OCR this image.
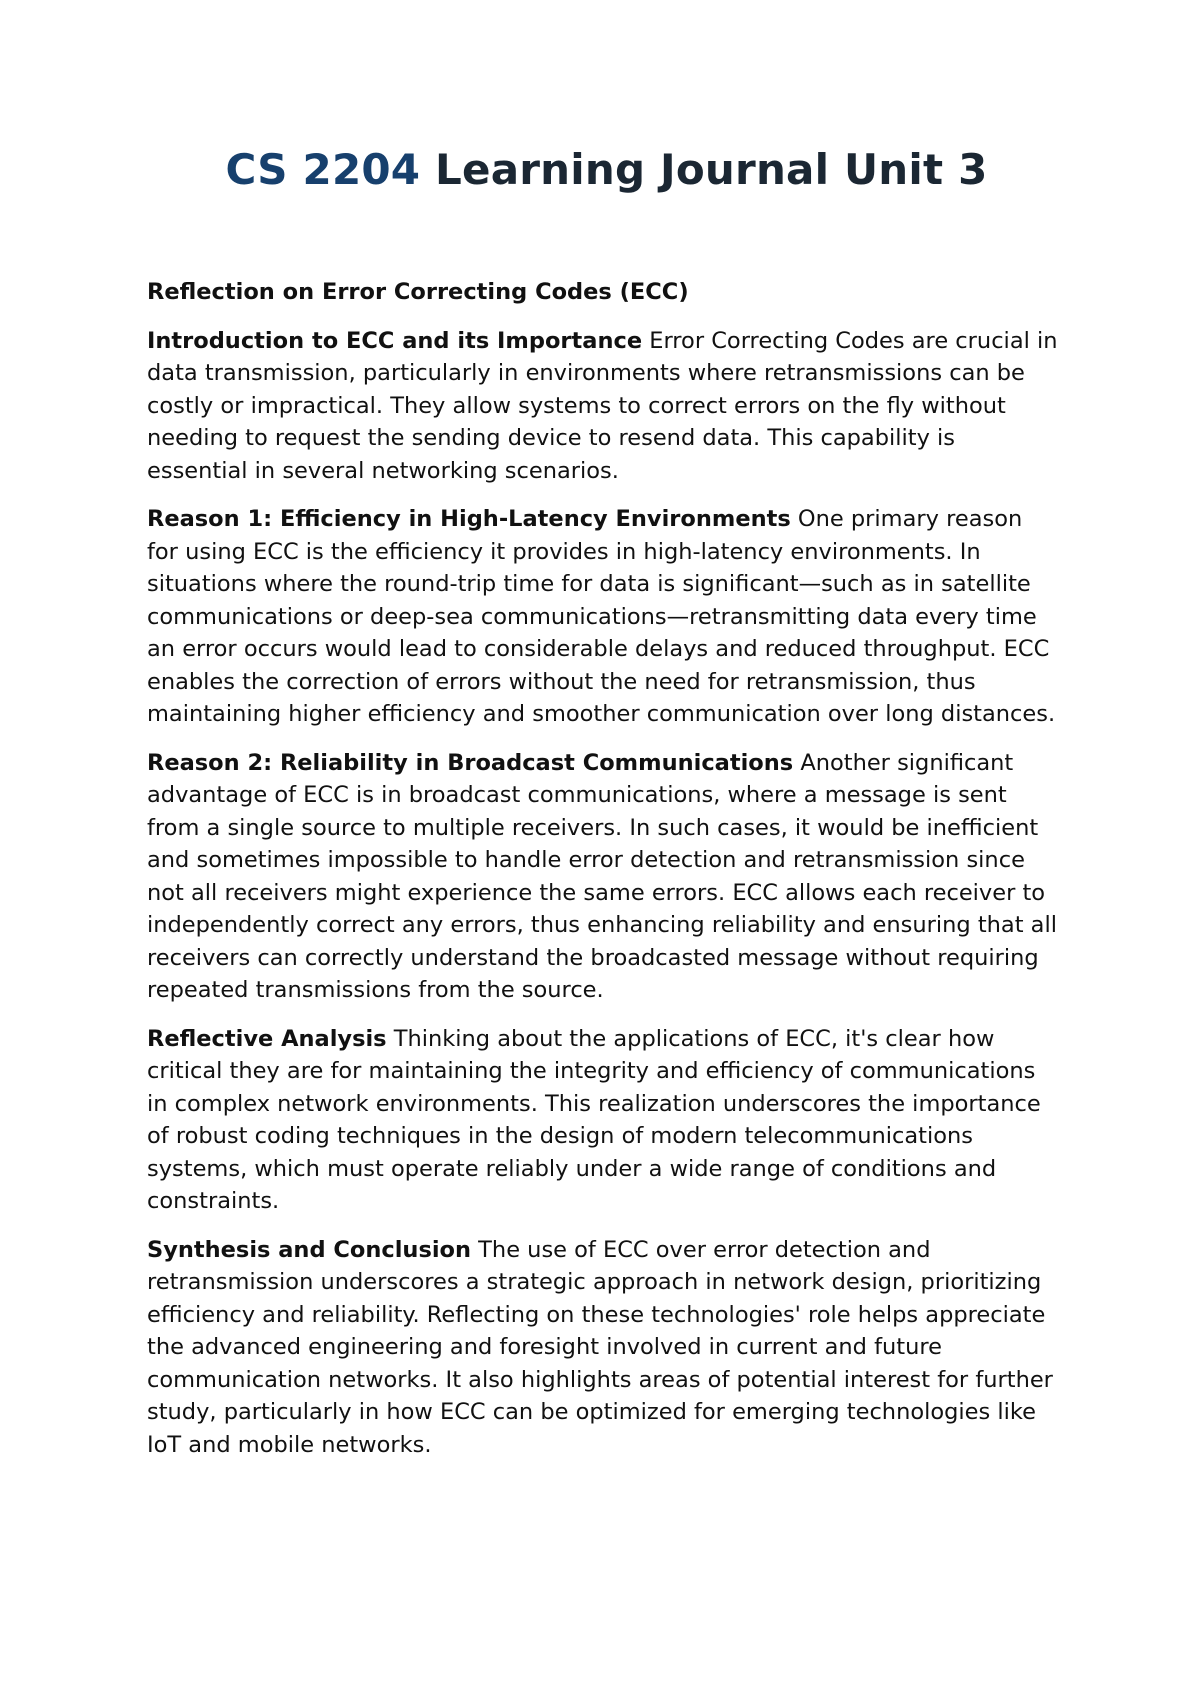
CS 2204 Learning Journal Unit 3

Reflection on Error Correcting Codes (ECC)

Introduction to ECC and its Importance Error Correcting Codes are crucial in data transmission, particularly in environments where retransmissions can be costly or impractical. They allow systems to correct errors on the fly without needing to request the sending device to resend data. This capability is essential in several networking scenarios.

Reason 1: Efficiency in High-Latency Environments One primary reason for using ECC is the efficiency it provides in high-latency environments. In situations where the round-trip time for data is significant—such as in satellite communications or deep-sea communications—retransmitting data every time an error occurs would lead to considerable delays and reduced throughput. ECC enables the correction of errors without the need for retransmission, thus maintaining higher efficiency and smoother communication over long distances.

Reason 2: Reliability in Broadcast Communications Another significant advantage of ECC is in broadcast communications, where a message is sent from a single source to multiple receivers. In such cases, it would be inefficient and sometimes impossible to handle error detection and retransmission since not all receivers might experience the same errors. ECC allows each receiver to independently correct any errors, thus enhancing reliability and ensuring that all receivers can correctly understand the broadcasted message without requiring repeated transmissions from the source.

Reflective Analysis Thinking about the applications of ECC, it's clear how critical they are for maintaining the integrity and efficiency of communications in complex network environments. This realization underscores the importance of robust coding techniques in the design of modern telecommunications systems, which must operate reliably under a wide range of conditions and constraints.

Synthesis and Conclusion The use of ECC over error detection and retransmission underscores a strategic approach in network design, prioritizing efficiency and reliability. Reflecting on these technologies' role helps appreciate the advanced engineering and foresight involved in current and future communication networks. It also highlights areas of potential interest for further study, particularly in how ECC can be optimized for emerging technologies like IoT and mobile networks.
